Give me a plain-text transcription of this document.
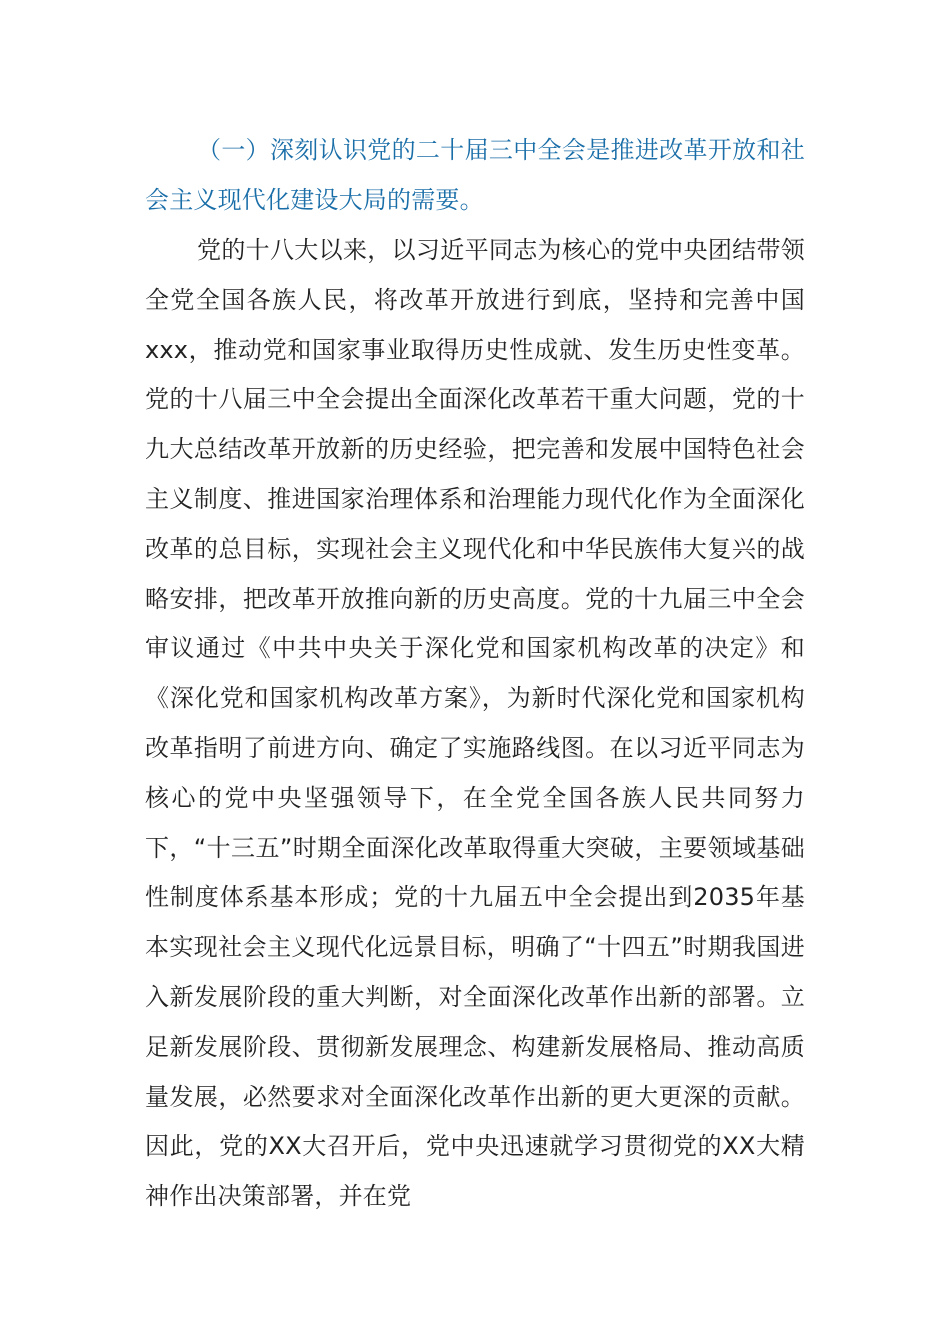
（一）深刻认识党的二十届三中全会是推进改革开放和社会主义现代化建设大局的需要。
党的十八大以来，以习近平同志为核心的党中央团结带领全党全国各族人民，将改革开放进行到底，坚持和完善中国xxx，推动党和国家事业取得历史性成就、发生历史性变革。党的十八届三中全会提出全面深化改革若干重大问题，党的十九大总结改革开放新的历史经验，把完善和发展中国特色社会主义制度、推进国家治理体系和治理能力现代化作为全面深化改革的总目标，实现社会主义现代化和中华民族伟大复兴的战略安排，把改革开放推向新的历史高度。党的十九届三中全会审议通过《中共中央关于深化党和国家机构改革的决定》和《深化党和国家机构改革方案》，为新时代深化党和国家机构改革指明了前进方向、确定了实施路线图。在以习近平同志为核心的党中央坚强领导下，在全党全国各族人民共同努力下，“十三五”时期全面深化改革取得重大突破，主要领域基础性制度体系基本形成；党的十九届五中全会提出到2035年基本实现社会主义现代化远景目标，明确了“十四五”时期我国进入新发展阶段的重大判断，对全面深化改革作出新的部署。立足新发展阶段、贯彻新发展理念、构建新发展格局、推动高质量发展，必然要求对全面深化改革作出新的更大更深的贡献。因此，党的XX大召开后，党中央迅速就学习贯彻党的XX大精神作出决策部署，并在党
